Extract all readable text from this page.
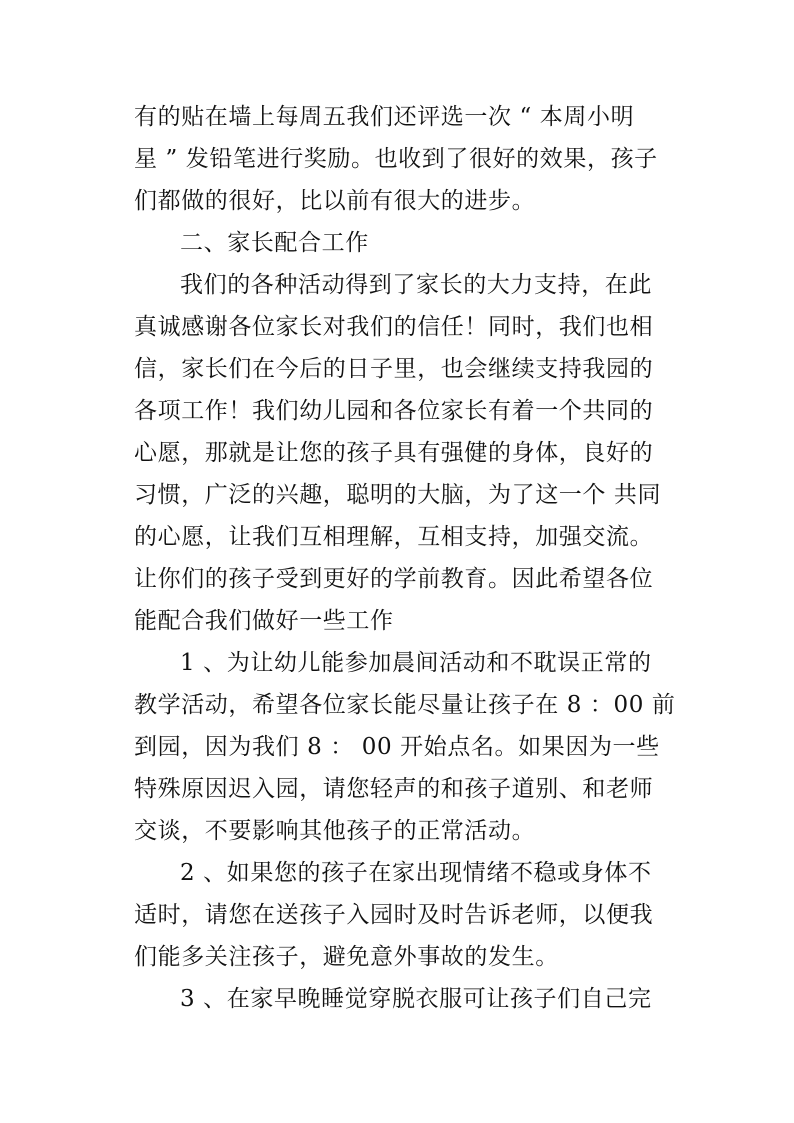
有的贴在墙上每周五我们还评选一次 “ 本周小明
星 ” 发铅笔进行奖励。也收到了很好的效果，孩子
们都做的很好，比以前有很大的进步。
二、家长配合工作
我们的各种活动得到了家长的大力支持，在此
真诚感谢各位家长对我们的信任！同时，我们也相
信，家长们在今后的日子里，也会继续支持我园的
各项工作！我们幼儿园和各位家长有着一个共同的
心愿，那就是让您的孩子具有强健的身体，良好的
习惯，广泛的兴趣，聪明的大脑，为了这一个 共同
的心愿，让我们互相理解，互相支持，加强交流。
让你们的孩子受到更好的学前教育。因此希望各位
能配合我们做好一些工作
1 、为让幼儿能参加晨间活动和不耽误正常的
教学活动，希望各位家长能尽量让孩子在 8 ：00 前
到园，因为我们 8 ： 00 开始点名。如果因为一些
特殊原因迟入园，请您轻声的和孩子道别、和老师
交谈，不要影响其他孩子的正常活动。
2 、如果您的孩子在家出现情绪不稳或身体不
适时，请您在送孩子入园时及时告诉老师，以便我
们能多关注孩子，避免意外事故的发生。
3 、在家早晚睡觉穿脱衣服可让孩子们自己完
